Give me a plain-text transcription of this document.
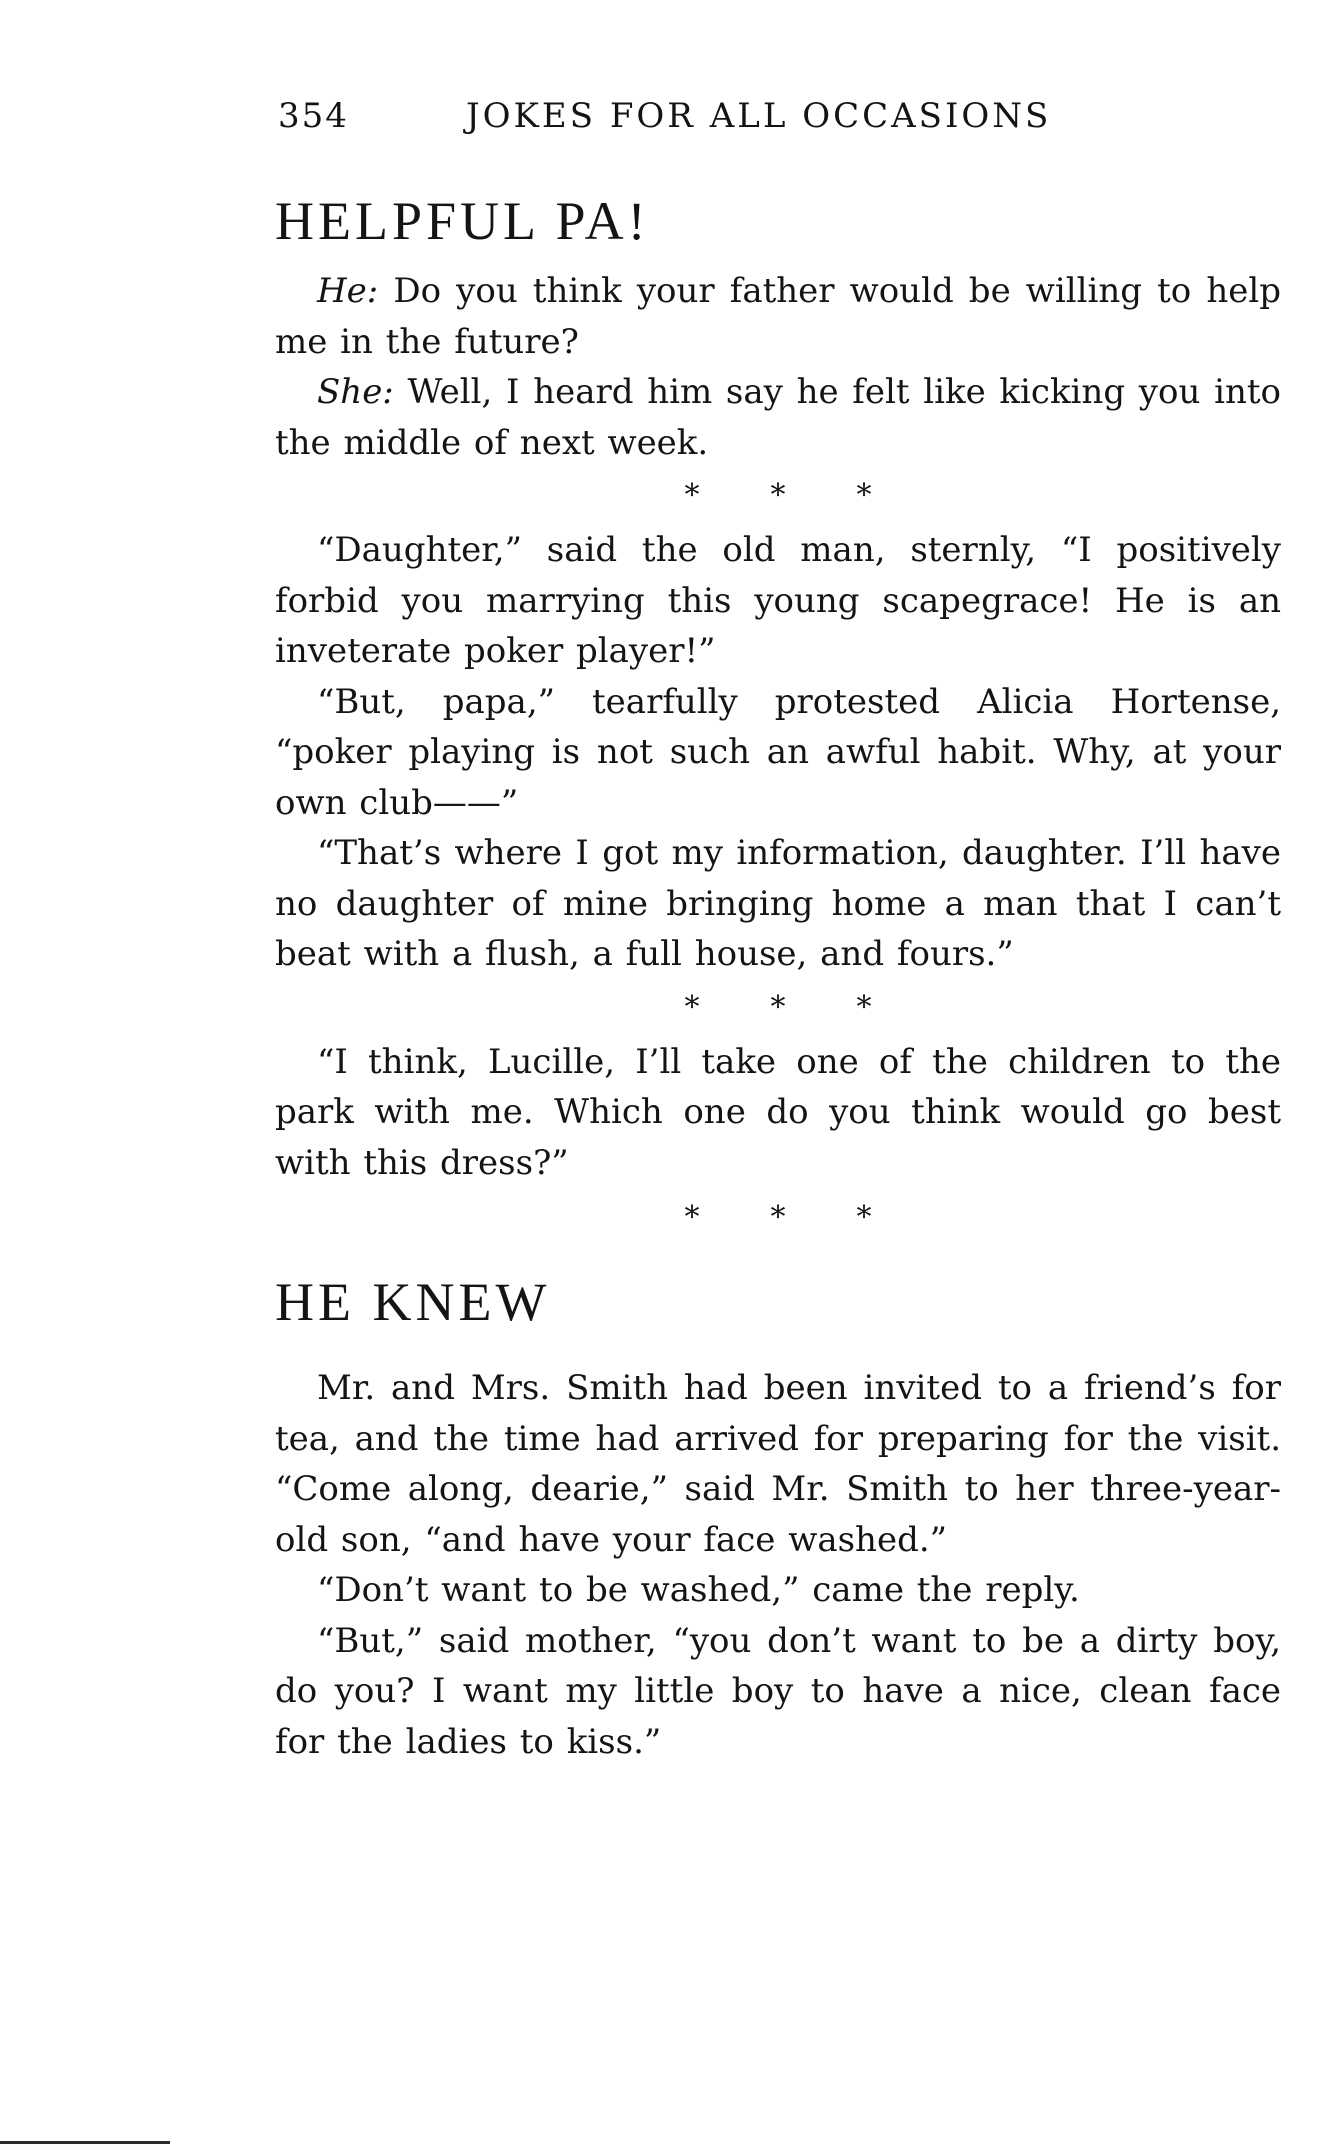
354	JOKES FOR ALL OCCASIONS
HELPFUL PA!

He: Do you think your father would be willing to help me in the future?

She: Well, I heard him say he felt like kicking you into the middle of next week.

* * *

“Daughter,” said the old man, sternly, “I positively forbid you marrying this young scapegrace! He is an inveterate poker player!”

“But, papa,” tearfully protested Alicia Hortense, “poker playing is not such an awful habit. Why, at your own club——”

“That’s where I got my information, daughter. I’ll have no daughter of mine bringing home a man that I can’t beat with a flush, a full house, and fours.”

* * *

“I think, Lucille, I’ll take one of the children to the park with me. Which one do you think would go best with this dress?”

* * *
HE KNEW

Mr. and Mrs. Smith had been invited to a friend’s for tea, and the time had arrived for preparing for the visit. “Come along, dearie,” said Mr. Smith to her three-year-old son, “and have your face washed.”

“Don’t want to be washed,” came the reply.

“But,” said mother, “you don’t want to be a dirty boy, do you? I want my little boy to have a nice, clean face for the ladies to kiss.”
